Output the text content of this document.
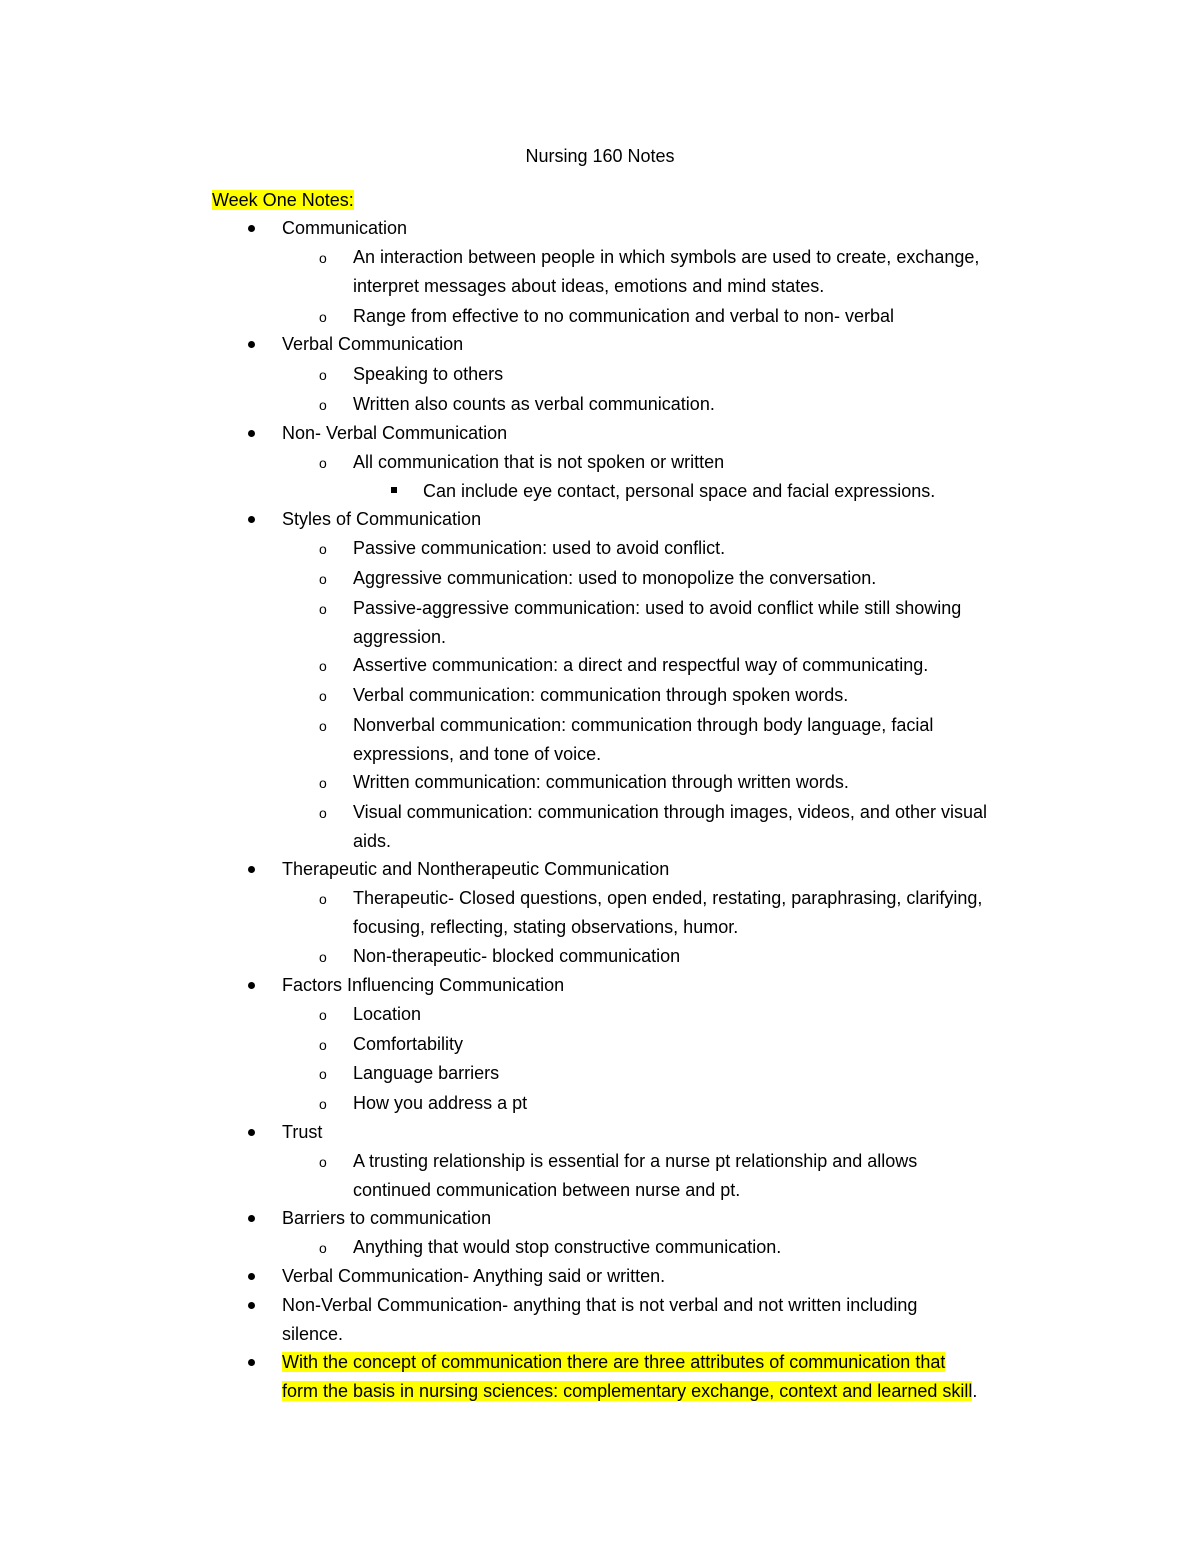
Nursing 160 Notes
Week One Notes:
Communication
o An interaction between people in which symbols are used to create, exchange,
interpret messages about ideas, emotions and mind states.
o Range from effective to no communication and verbal to non- verbal
Verbal Communication
o Speaking to others
o Written also counts as verbal communication.
Non- Verbal Communication
o All communication that is not spoken or written
Can include eye contact, personal space and facial expressions.
Styles of Communication
o Passive communication: used to avoid conflict.
o Aggressive communication: used to monopolize the conversation.
o Passive-aggressive communication: used to avoid conflict while still showing
aggression.
o Assertive communication: a direct and respectful way of communicating.
o Verbal communication: communication through spoken words.
o Nonverbal communication: communication through body language, facial
expressions, and tone of voice.
o Written communication: communication through written words.
o Visual communication: communication through images, videos, and other visual
aids.
Therapeutic and Nontherapeutic Communication
o Therapeutic- Closed questions, open ended, restating, paraphrasing, clarifying,
focusing, reflecting, stating observations, humor.
o Non-therapeutic- blocked communication
Factors Influencing Communication
o Location
o Comfortability
o Language barriers
o How you address a pt
Trust
o A trusting relationship is essential for a nurse pt relationship and allows
continued communication between nurse and pt.
Barriers to communication
o Anything that would stop constructive communication.
Verbal Communication- Anything said or written.
Non-Verbal Communication- anything that is not verbal and not written including
silence.
With the concept of communication there are three attributes of communication that
form the basis in nursing sciences: complementary exchange, context and learned skill.
